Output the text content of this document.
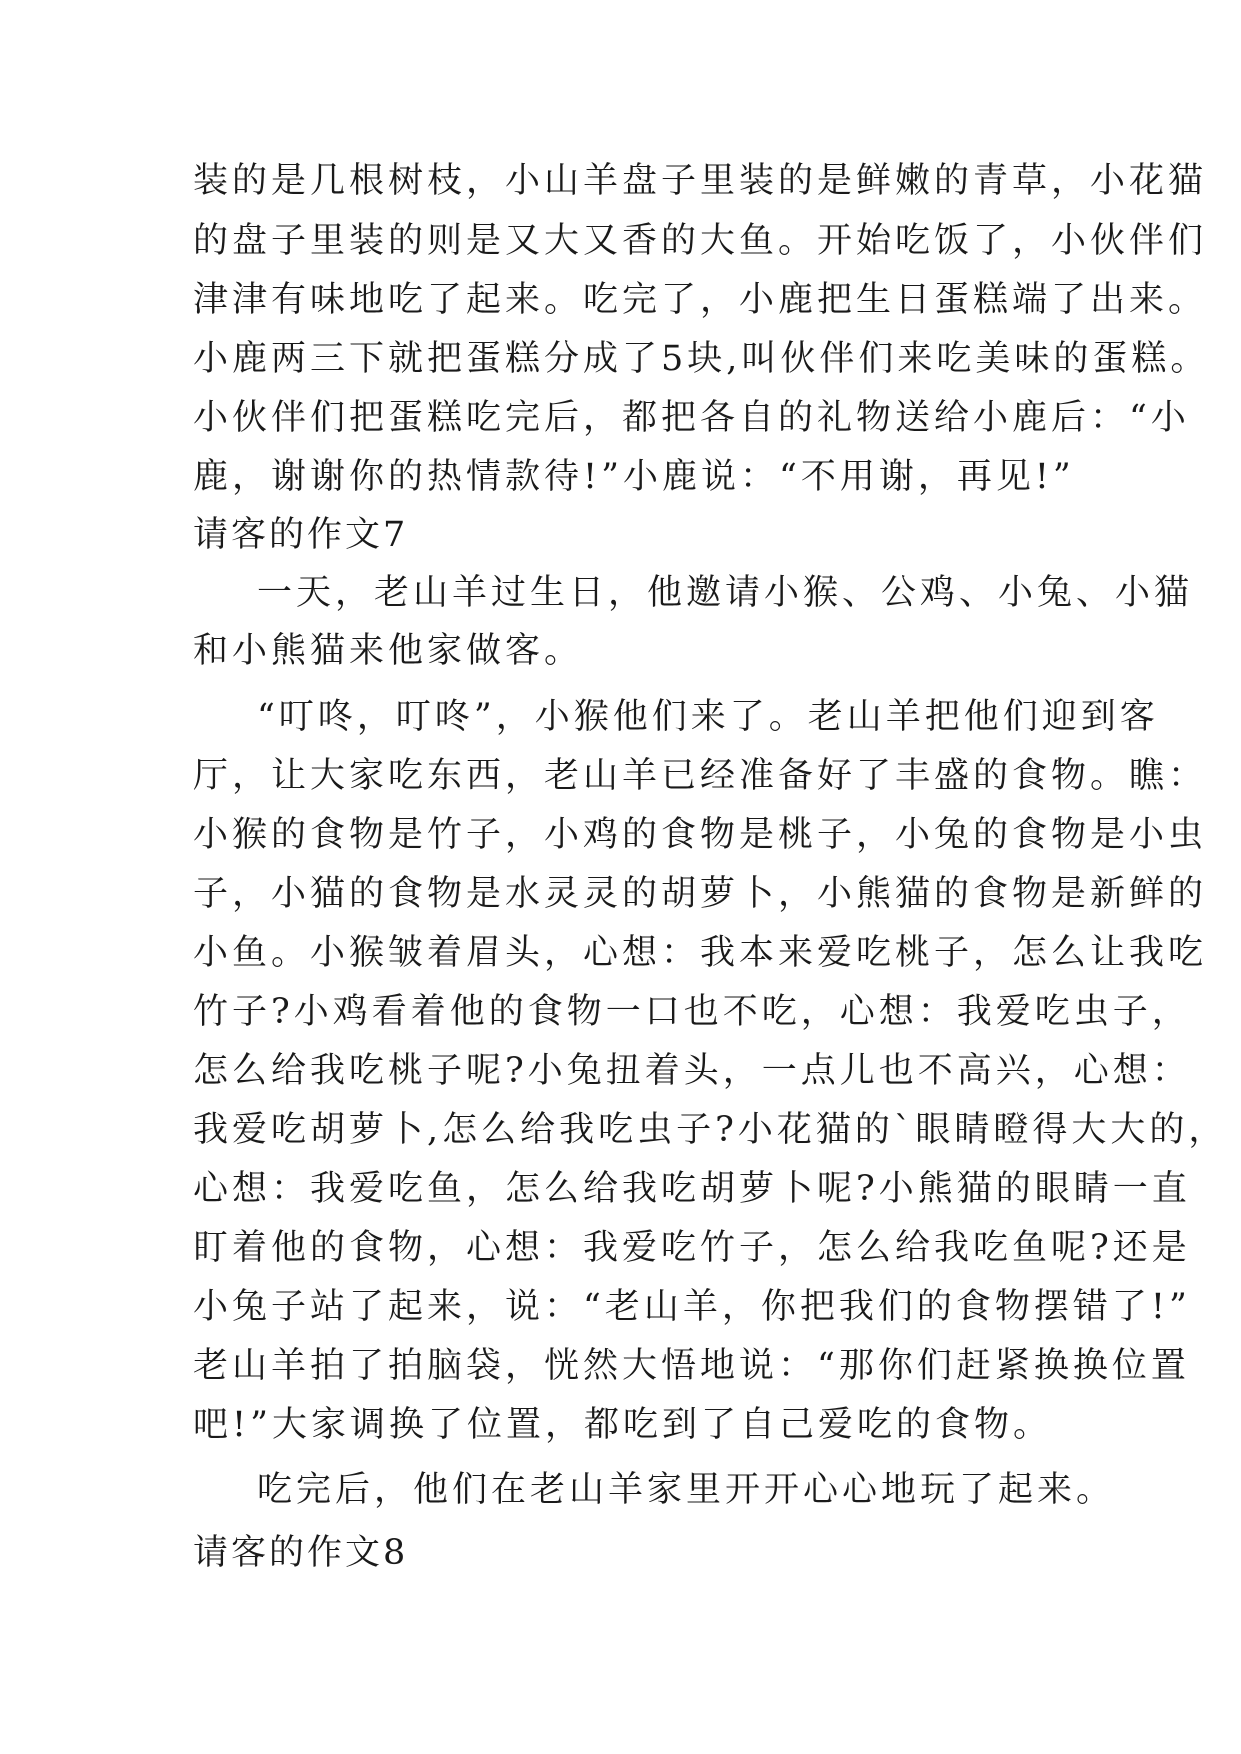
装的是几根树枝，小山羊盘子里装的是鲜嫩的青草，小花猫
的盘子里装的则是又大又香的大鱼。开始吃饭了，小伙伴们
津津有味地吃了起来。吃完了，小鹿把生日蛋糕端了出来。
小鹿两三下就把蛋糕分成了5块,叫伙伴们来吃美味的蛋糕。
小伙伴们把蛋糕吃完后，都把各自的礼物送给小鹿后：“小
鹿，谢谢你的热情款待!”小鹿说：“不用谢，再见!”
请客的作文7
一天，老山羊过生日，他邀请小猴、公鸡、小兔、小猫
和小熊猫来他家做客。
“叮咚，叮咚”，小猴他们来了。老山羊把他们迎到客
厅，让大家吃东西，老山羊已经准备好了丰盛的食物。瞧：
小猴的食物是竹子，小鸡的食物是桃子，小兔的食物是小虫
子，小猫的食物是水灵灵的胡萝卜，小熊猫的食物是新鲜的
小鱼。小猴皱着眉头，心想：我本来爱吃桃子，怎么让我吃
竹子?小鸡看着他的食物一口也不吃，心想：我爱吃虫子，
怎么给我吃桃子呢?小兔扭着头，一点儿也不高兴，心想：
我爱吃胡萝卜,怎么给我吃虫子?小花猫的`眼睛瞪得大大的，
心想：我爱吃鱼，怎么给我吃胡萝卜呢?小熊猫的眼睛一直
盯着他的食物，心想：我爱吃竹子，怎么给我吃鱼呢?还是
小兔子站了起来，说：“老山羊，你把我们的食物摆错了!”
老山羊拍了拍脑袋，恍然大悟地说：“那你们赶紧换换位置
吧!”大家调换了位置，都吃到了自己爱吃的食物。
吃完后，他们在老山羊家里开开心心地玩了起来。
请客的作文8
